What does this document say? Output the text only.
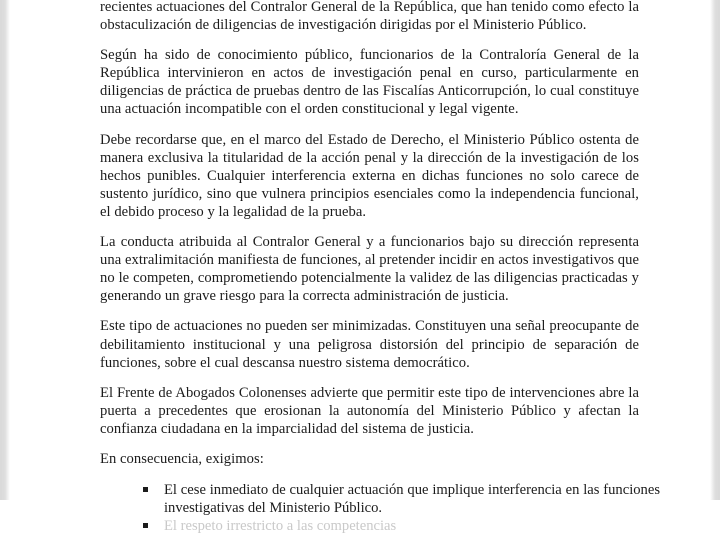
recientes actuaciones del Contralor General de la República, que han tenido como efecto la obstaculización de diligencias de investigación dirigidas por el Ministerio Público.

Según ha sido de conocimiento público, funcionarios de la Contraloría General de la República intervinieron en actos de investigación penal en curso, particularmente en diligencias de práctica de pruebas dentro de las Fiscalías Anticorrupción, lo cual constituye una actuación incompatible con el orden constitucional y legal vigente.

Debe recordarse que, en el marco del Estado de Derecho, el Ministerio Público ostenta de manera exclusiva la titularidad de la acción penal y la dirección de la investigación de los hechos punibles. Cualquier interferencia externa en dichas funciones no solo carece de sustento jurídico, sino que vulnera principios esenciales como la independencia funcional, el debido proceso y la legalidad de la prueba.

La conducta atribuida al Contralor General y a funcionarios bajo su dirección representa una extralimitación manifiesta de funciones, al pretender incidir en actos investigativos que no le competen, comprometiendo potencialmente la validez de las diligencias practicadas y generando un grave riesgo para la correcta administración de justicia.

Este tipo de actuaciones no pueden ser minimizadas. Constituyen una señal preocupante de debilitamiento institucional y una peligrosa distorsión del principio de separación de funciones, sobre el cual descansa nuestro sistema democrático.

El Frente de Abogados Colonenses advierte que permitir este tipo de intervenciones abre la puerta a precedentes que erosionan la autonomía del Ministerio Público y afectan la confianza ciudadana en la imparcialidad del sistema de justicia.

En consecuencia, exigimos:

El cese inmediato de cualquier actuación que implique interferencia en las funciones investigativas del Ministerio Público.
El respeto irrestricto a las competencias
